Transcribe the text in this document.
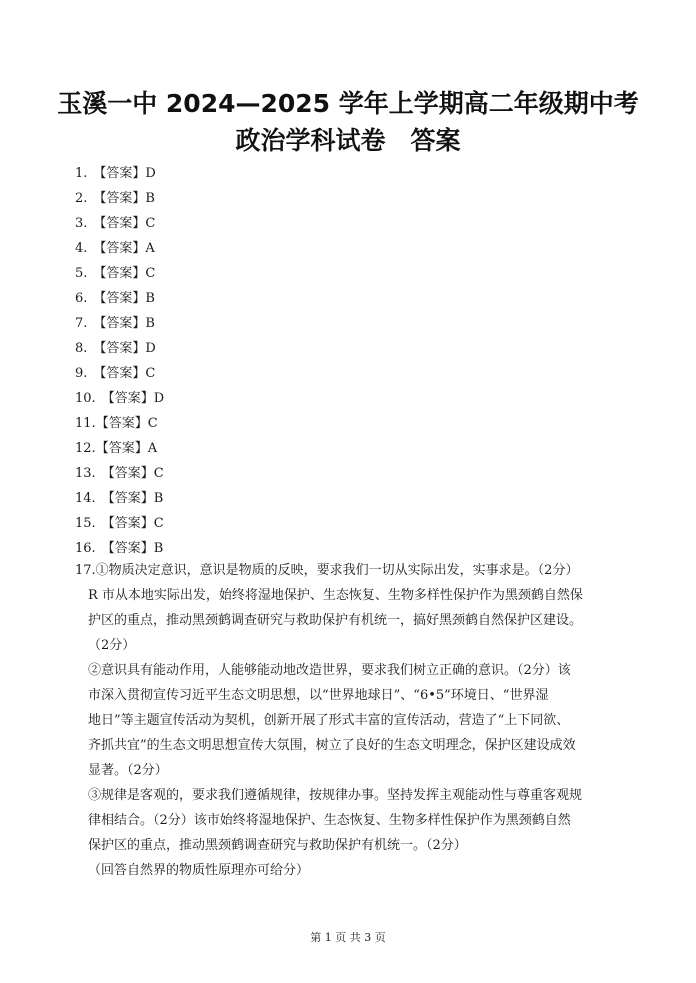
玉溪一中 2024—2025 学年上学期高二年级期中考
政治学科试卷　答案
1. 【答案】D
2. 【答案】B
3. 【答案】C
4. 【答案】A
5. 【答案】C
6. 【答案】B
7. 【答案】B
8. 【答案】D
9. 【答案】C
10. 【答案】D
11.【答案】C
12.【答案】A
13. 【答案】C
14. 【答案】B
15. 【答案】C
16. 【答案】B
17.①物质决定意识，意识是物质的反映，要求我们一切从实际出发，实事求是。（2分）
R 市从本地实际出发，始终将湿地保护、生态恢复、生物多样性保护作为黑颈鹤自然保
护区的重点，推动黑颈鹤调查研究与救助保护有机统一，搞好黑颈鹤自然保护区建设。
（2分）
②意识具有能动作用，人能够能动地改造世界，要求我们树立正确的意识。（2分）该
市深入贯彻宣传习近平生态文明思想，以“世界地球日”、“6•5”环境日、“世界湿
地日”等主题宣传活动为契机，创新开展了形式丰富的宣传活动，营造了“上下同欲、
齐抓共宜”的生态文明思想宣传大氛围，树立了良好的生态文明理念，保护区建设成效
显著。（2分）
③规律是客观的，要求我们遵循规律，按规律办事。坚持发挥主观能动性与尊重客观规
律相结合。（2分）该市始终将湿地保护、生态恢复、生物多样性保护作为黑颈鹤自然
保护区的重点，推动黑颈鹤调查研究与救助保护有机统一。（2分）
（回答自然界的物质性原理亦可给分）
第 1 页 共 3 页
